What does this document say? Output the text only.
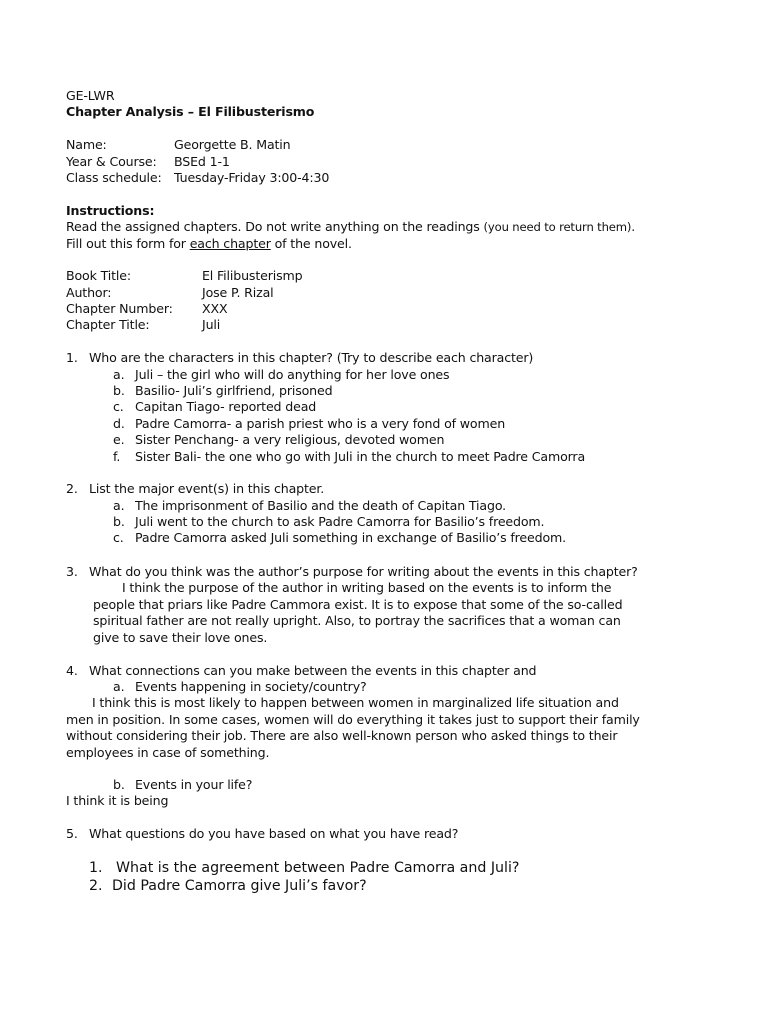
GE-LWR
Chapter Analysis – El Filibusterismo
Name:	Georgette B. Matin
Year & Course: BSEd 1-1
Class schedule: Tuesday-Friday 3:00-4:30
Instructions:
Read the assigned chapters. Do not write anything on the readings (you need to return them).
Fill out this form for each chapter of the novel.
Book Title:	El Filibusterismp
Author:	Jose P. Rizal
Chapter Number: XXX
Chapter Title:	Juli
1. Who are the characters in this chapter? (Try to describe each character)
a. Juli – the girl who will do anything for her love ones
b. Basilio- Juli’s girlfriend, prisoned
c. Capitan Tiago- reported dead
d. Padre Camorra- a parish priest who is a very fond of women
e. Sister Penchang- a very religious, devoted women
f. Sister Bali- the one who go with Juli in the church to meet Padre Camorra
2. List the major event(s) in this chapter.
a. The imprisonment of Basilio and the death of Capitan Tiago.
b. Juli went to the church to ask Padre Camorra for Basilio’s freedom.
c. Padre Camorra asked Juli something in exchange of Basilio’s freedom.
3. What do you think was the author’s purpose for writing about the events in this chapter?
I think the purpose of the author in writing based on the events is to inform the
people that priars like Padre Cammora exist. It is to expose that some of the so-called
spiritual father are not really upright. Also, to portray the sacrifices that a woman can
give to save their love ones.
4. What connections can you make between the events in this chapter and
a. Events happening in society/country?
I think this is most likely to happen between women in marginalized life situation and
men in position. In some cases, women will do everything it takes just to support their family
without considering their job. There are also well-known person who asked things to their
employees in case of something.
b. Events in your life?
I think it is being
5. What questions do you have based on what you have read?
1. What is the agreement between Padre Camorra and Juli?
2. Did Padre Camorra give Juli’s favor?
